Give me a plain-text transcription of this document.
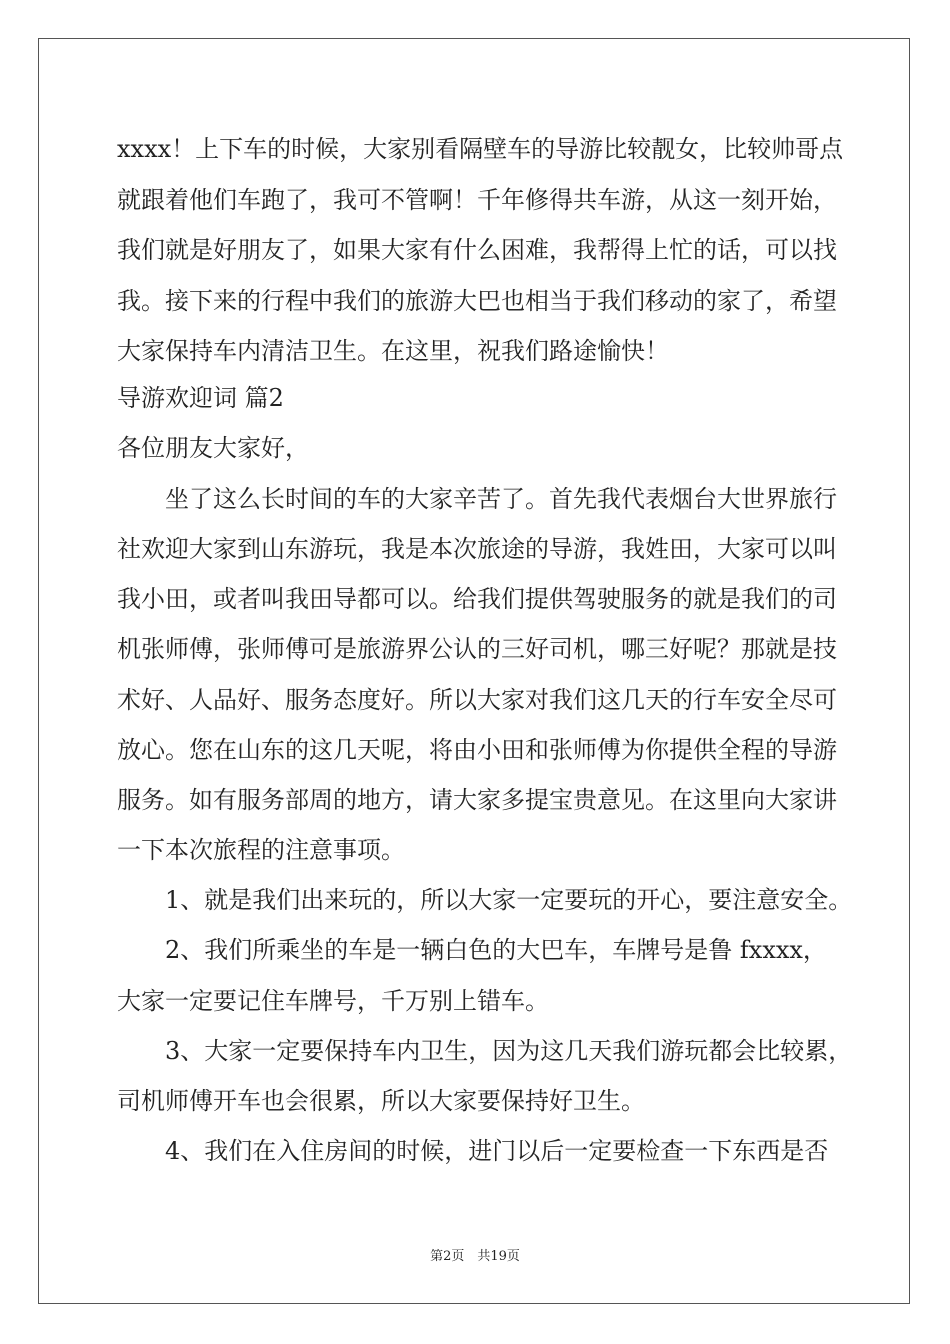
xxxx！上下车的时候，大家别看隔壁车的导游比较靓女，比较帅哥点

就跟着他们车跑了，我可不管啊！千年修得共车游，从这一刻开始，

我们就是好朋友了，如果大家有什么困难，我帮得上忙的话，可以找

我。接下来的行程中我们的旅游大巴也相当于我们移动的家了，希望

大家保持车内清洁卫生。在这里，祝我们路途愉快！

导游欢迎词 篇2

各位朋友大家好，

　　坐了这么长时间的车的大家辛苦了。首先我代表烟台大世界旅行

社欢迎大家到山东游玩，我是本次旅途的导游，我姓田，大家可以叫

我小田，或者叫我田导都可以。给我们提供驾驶服务的就是我们的司

机张师傅，张师傅可是旅游界公认的三好司机，哪三好呢？那就是技

术好、人品好、服务态度好。所以大家对我们这几天的行车安全尽可

放心。您在山东的这几天呢，将由小田和张师傅为你提供全程的导游

服务。如有服务部周的地方，请大家多提宝贵意见。在这里向大家讲

一下本次旅程的注意事项。

　　1、就是我们出来玩的，所以大家一定要玩的开心，要注意安全。

　　2、我们所乘坐的车是一辆白色的大巴车，车牌号是鲁 fxxxx，

大家一定要记住车牌号，千万别上错车。

　　3、大家一定要保持车内卫生，因为这几天我们游玩都会比较累，

司机师傅开车也会很累，所以大家要保持好卫生。

　　4、我们在入住房间的时候，进门以后一定要检查一下东西是否

第2页　共19页
